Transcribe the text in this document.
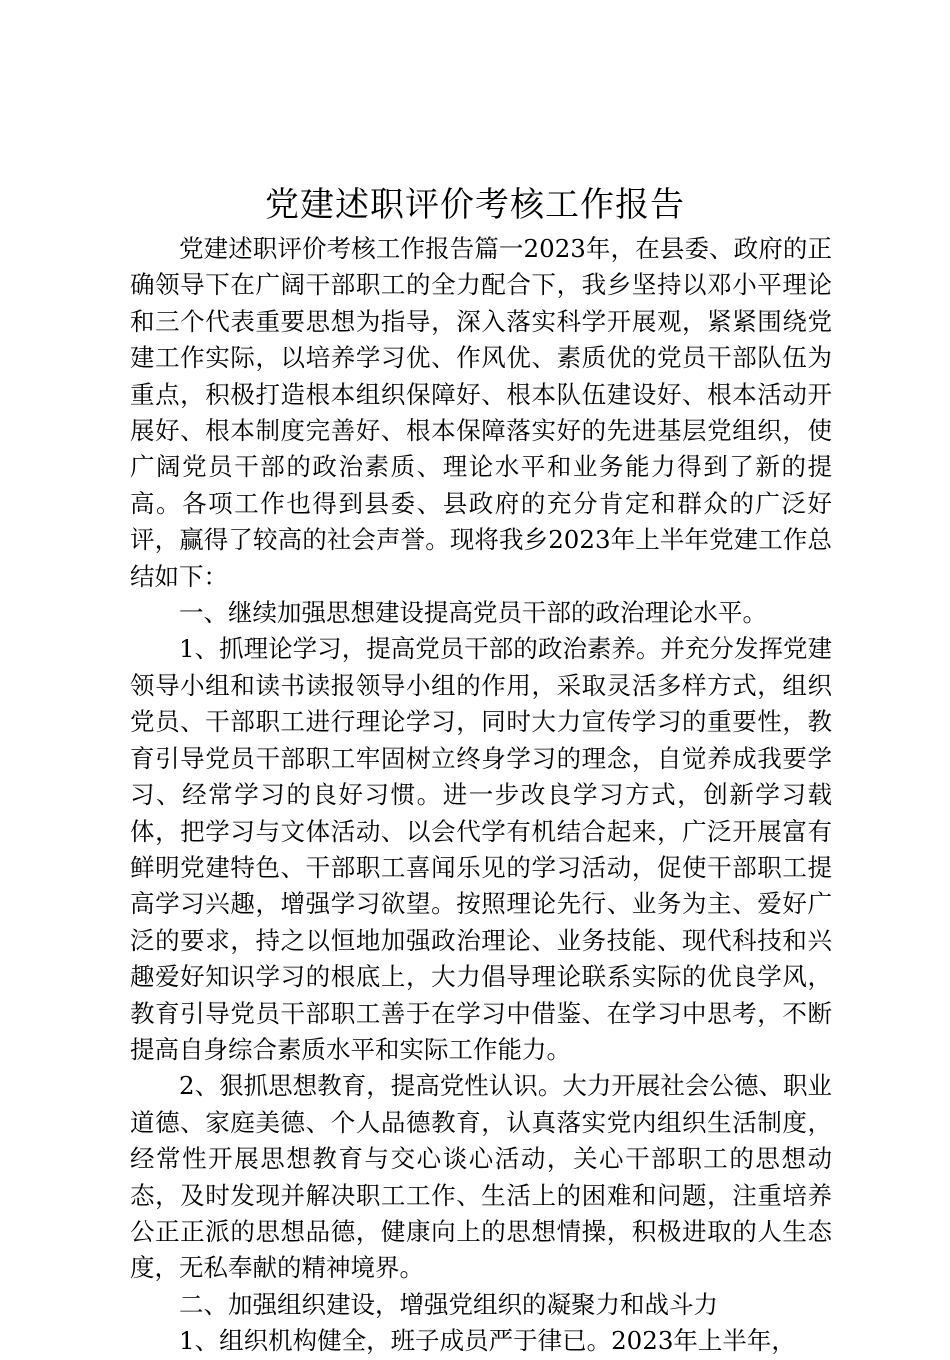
党建述职评价考核工作报告

党建述职评价考核工作报告篇一2023年，在县委、政府的正确领导下在广阔干部职工的全力配合下，我乡坚持以邓小平理论和三个代表重要思想为指导，深入落实科学开展观，紧紧围绕党建工作实际，以培养学习优、作风优、素质优的党员干部队伍为重点，积极打造根本组织保障好、根本队伍建设好、根本活动开展好、根本制度完善好、根本保障落实好的先进基层党组织，使广阔党员干部的政治素质、理论水平和业务能力得到了新的提高。各项工作也得到县委、县政府的充分肯定和群众的广泛好评，赢得了较高的社会声誉。现将我乡2023年上半年党建工作总结如下：

一、继续加强思想建设提高党员干部的政治理论水平。

1、抓理论学习，提高党员干部的政治素养。并充分发挥党建领导小组和读书读报领导小组的作用，采取灵活多样方式，组织党员、干部职工进行理论学习，同时大力宣传学习的重要性，教育引导党员干部职工牢固树立终身学习的理念，自觉养成我要学习、经常学习的良好习惯。进一步改良学习方式，创新学习载体，把学习与文体活动、以会代学有机结合起来，广泛开展富有鲜明党建特色、干部职工喜闻乐见的学习活动，促使干部职工提高学习兴趣，增强学习欲望。按照理论先行、业务为主、爱好广泛的要求，持之以恒地加强政治理论、业务技能、现代科技和兴趣爱好知识学习的根底上，大力倡导理论联系实际的优良学风，教育引导党员干部职工善于在学习中借鉴、在学习中思考，不断提高自身综合素质水平和实际工作能力。

2、狠抓思想教育，提高党性认识。大力开展社会公德、职业道德、家庭美德、个人品德教育，认真落实党内组织生活制度，经常性开展思想教育与交心谈心活动，关心干部职工的思想动态，及时发现并解决职工工作、生活上的困难和问题，注重培养公正正派的思想品德，健康向上的思想情操，积极进取的人生态度，无私奉献的精神境界。

二、加强组织建设，增强党组织的凝聚力和战斗力

1、组织机构健全，班子成员严于律已。2023年上半年，
